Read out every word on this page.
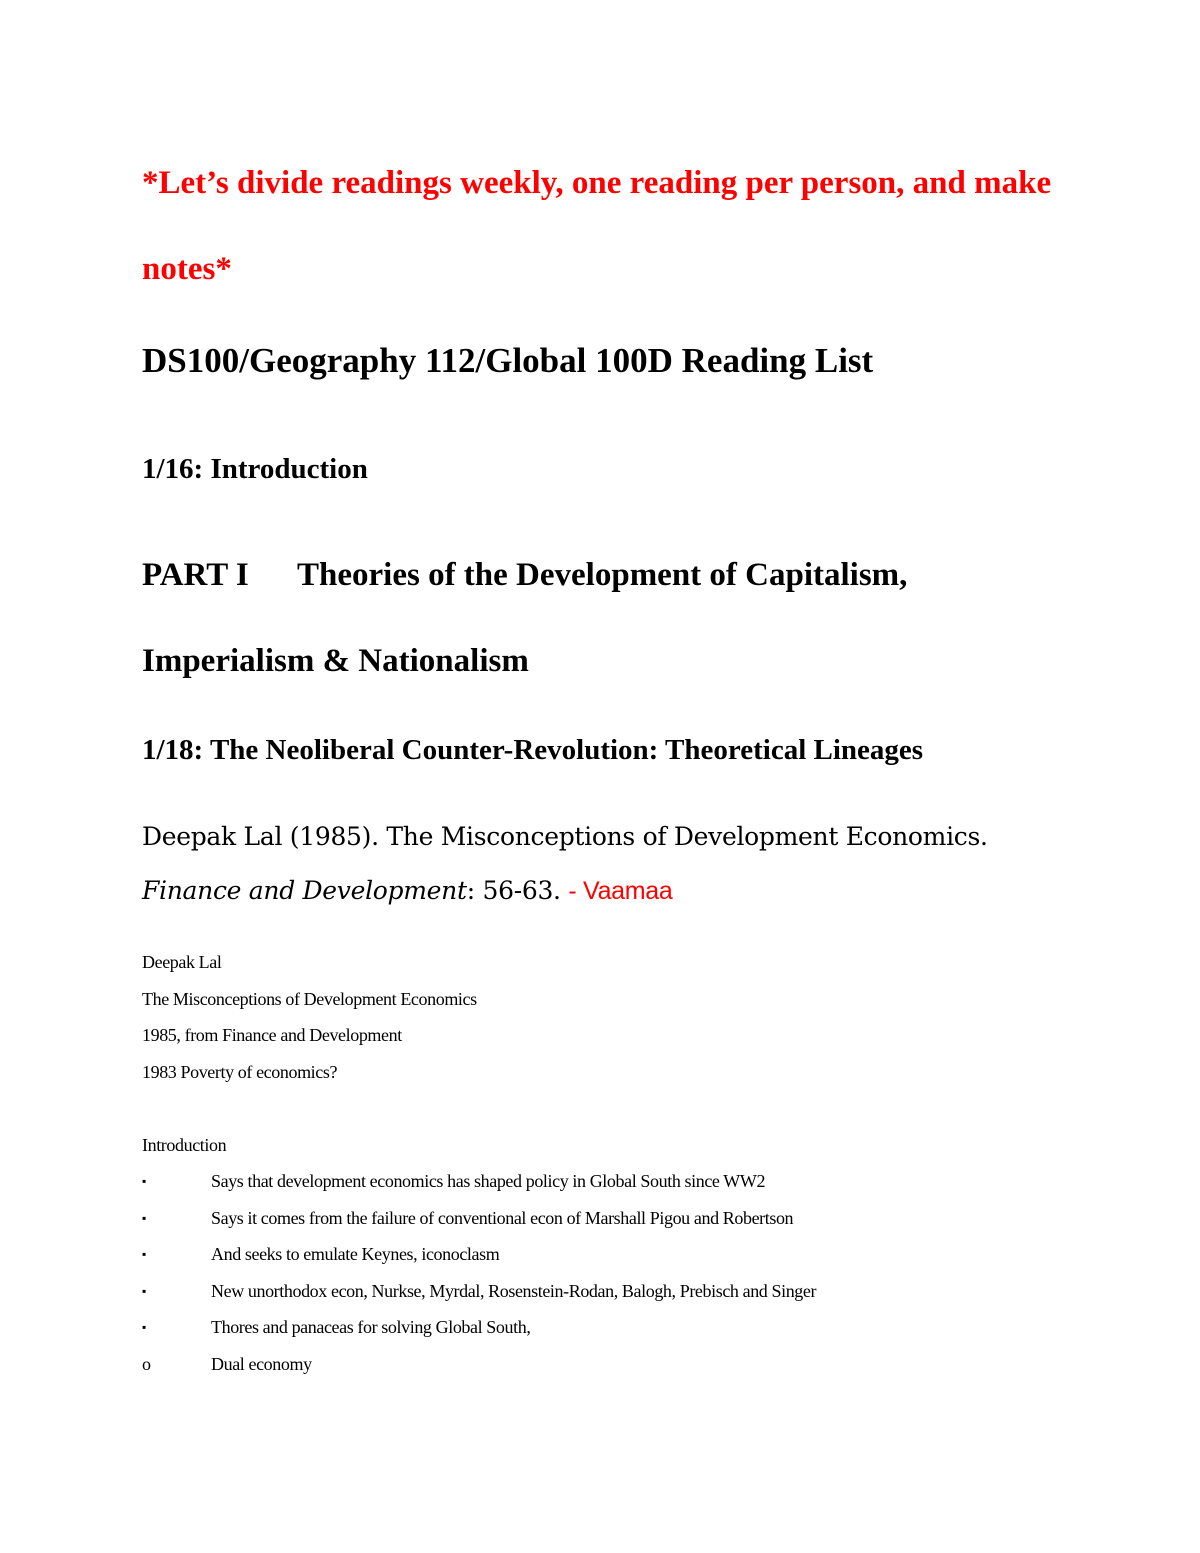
*Let’s divide readings weekly, one reading per person, and make notes*

DS100/Geography 112/Global 100D Reading List
1/16: Introduction
PART I Theories of the Development of Capitalism, Imperialism & Nationalism
1/18: The Neoliberal Counter-Revolution: Theoretical Lineages

Deepak Lal (1985). The Misconceptions of Development Economics. Finance and Development: 56-63. - Vaamaa

Deepak Lal

The Misconceptions of Development Economics

1985, from Finance and Development

1983 Poverty of economics?

Introduction

▪	Says that development economics has shaped policy in Global South since WW2
▪	Says it comes from the failure of conventional econ of Marshall Pigou and Robertson
▪	And seeks to emulate Keynes, iconoclasm
▪	New unorthodox econ, Nurkse, Myrdal, Rosenstein-Rodan, Balogh, Prebisch and Singer
▪	Thores and panaceas for solving Global South,
o	Dual economy
